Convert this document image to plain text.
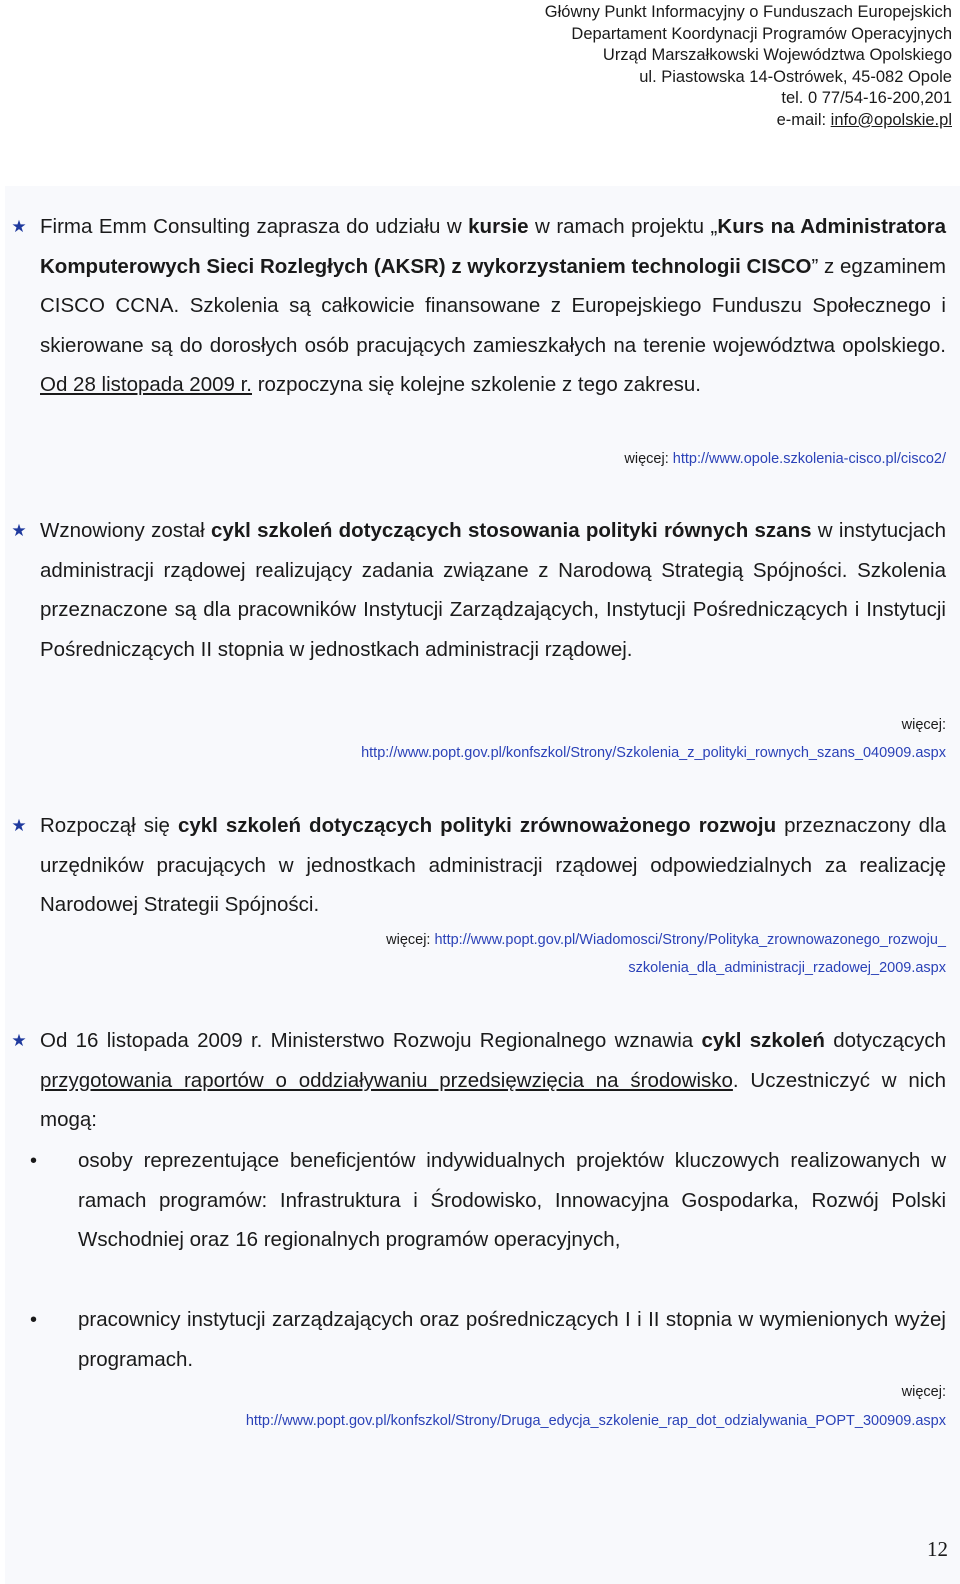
Główny Punkt Informacyjny o Funduszach Europejskich
Departament Koordynacji Programów Operacyjnych
Urząd Marszałkowski Województwa Opolskiego
ul. Piastowska 14-Ostrówek, 45-082 Opole
tel. 0 77/54-16-200,201
e-mail: info@opolskie.pl
★ Firma Emm Consulting zaprasza do udziału w kursie w ramach projektu „Kurs na Administratora Komputerowych Sieci Rozległych (AKSR) z wykorzystaniem technologii CISCO” z egzaminem CISCO CCNA. Szkolenia są całkowicie finansowane z Europejskiego Funduszu Społecznego i skierowane są do dorosłych osób pracujących zamieszkałych na terenie województwa opolskiego. Od 28 listopada 2009 r. rozpoczyna się kolejne szkolenie z tego zakresu.
więcej: http://www.opole.szkolenia-cisco.pl/cisco2/
★ Wznowiony został cykl szkoleń dotyczących stosowania polityki równych szans w instytucjach administracji rządowej realizujący zadania związane z Narodową Strategią Spójności. Szkolenia przeznaczone są dla pracowników Instytucji Zarządzających, Instytucji Pośredniczących i Instytucji Pośredniczących II stopnia w jednostkach administracji rządowej.
więcej:
http://www.popt.gov.pl/konfszkol/Strony/Szkolenia_z_polityki_rownych_szans_040909.aspx
★ Rozpoczął się cykl szkoleń dotyczących polityki zrównoważonego rozwoju przeznaczony dla urzędników pracujących w jednostkach administracji rządowej odpowiedzialnych za realizację Narodowej Strategii Spójności.
więcej: http://www.popt.gov.pl/Wiadomosci/Strony/Polityka_zrownowazonego_rozwoju_
szkolenia_dla_administracji_rzadowej_2009.aspx
★ Od 16 listopada 2009 r. Ministerstwo Rozwoju Regionalnego wznawia cykl szkoleń dotyczących przygotowania raportów o oddziaływaniu przedsięwzięcia na środowisko. Uczestniczyć w nich mogą:
• osoby reprezentujące beneficjentów indywidualnych projektów kluczowych realizowanych w ramach programów: Infrastruktura i Środowisko, Innowacyjna Gospodarka, Rozwój Polski Wschodniej oraz 16 regionalnych programów operacyjnych,
• pracownicy instytucji zarządzających oraz pośredniczących I i II stopnia w wymienionych wyżej programach.
więcej:
http://www.popt.gov.pl/konfszkol/Strony/Druga_edycja_szkolenie_rap_dot_odzialywania_POPT_300909.aspx
12
